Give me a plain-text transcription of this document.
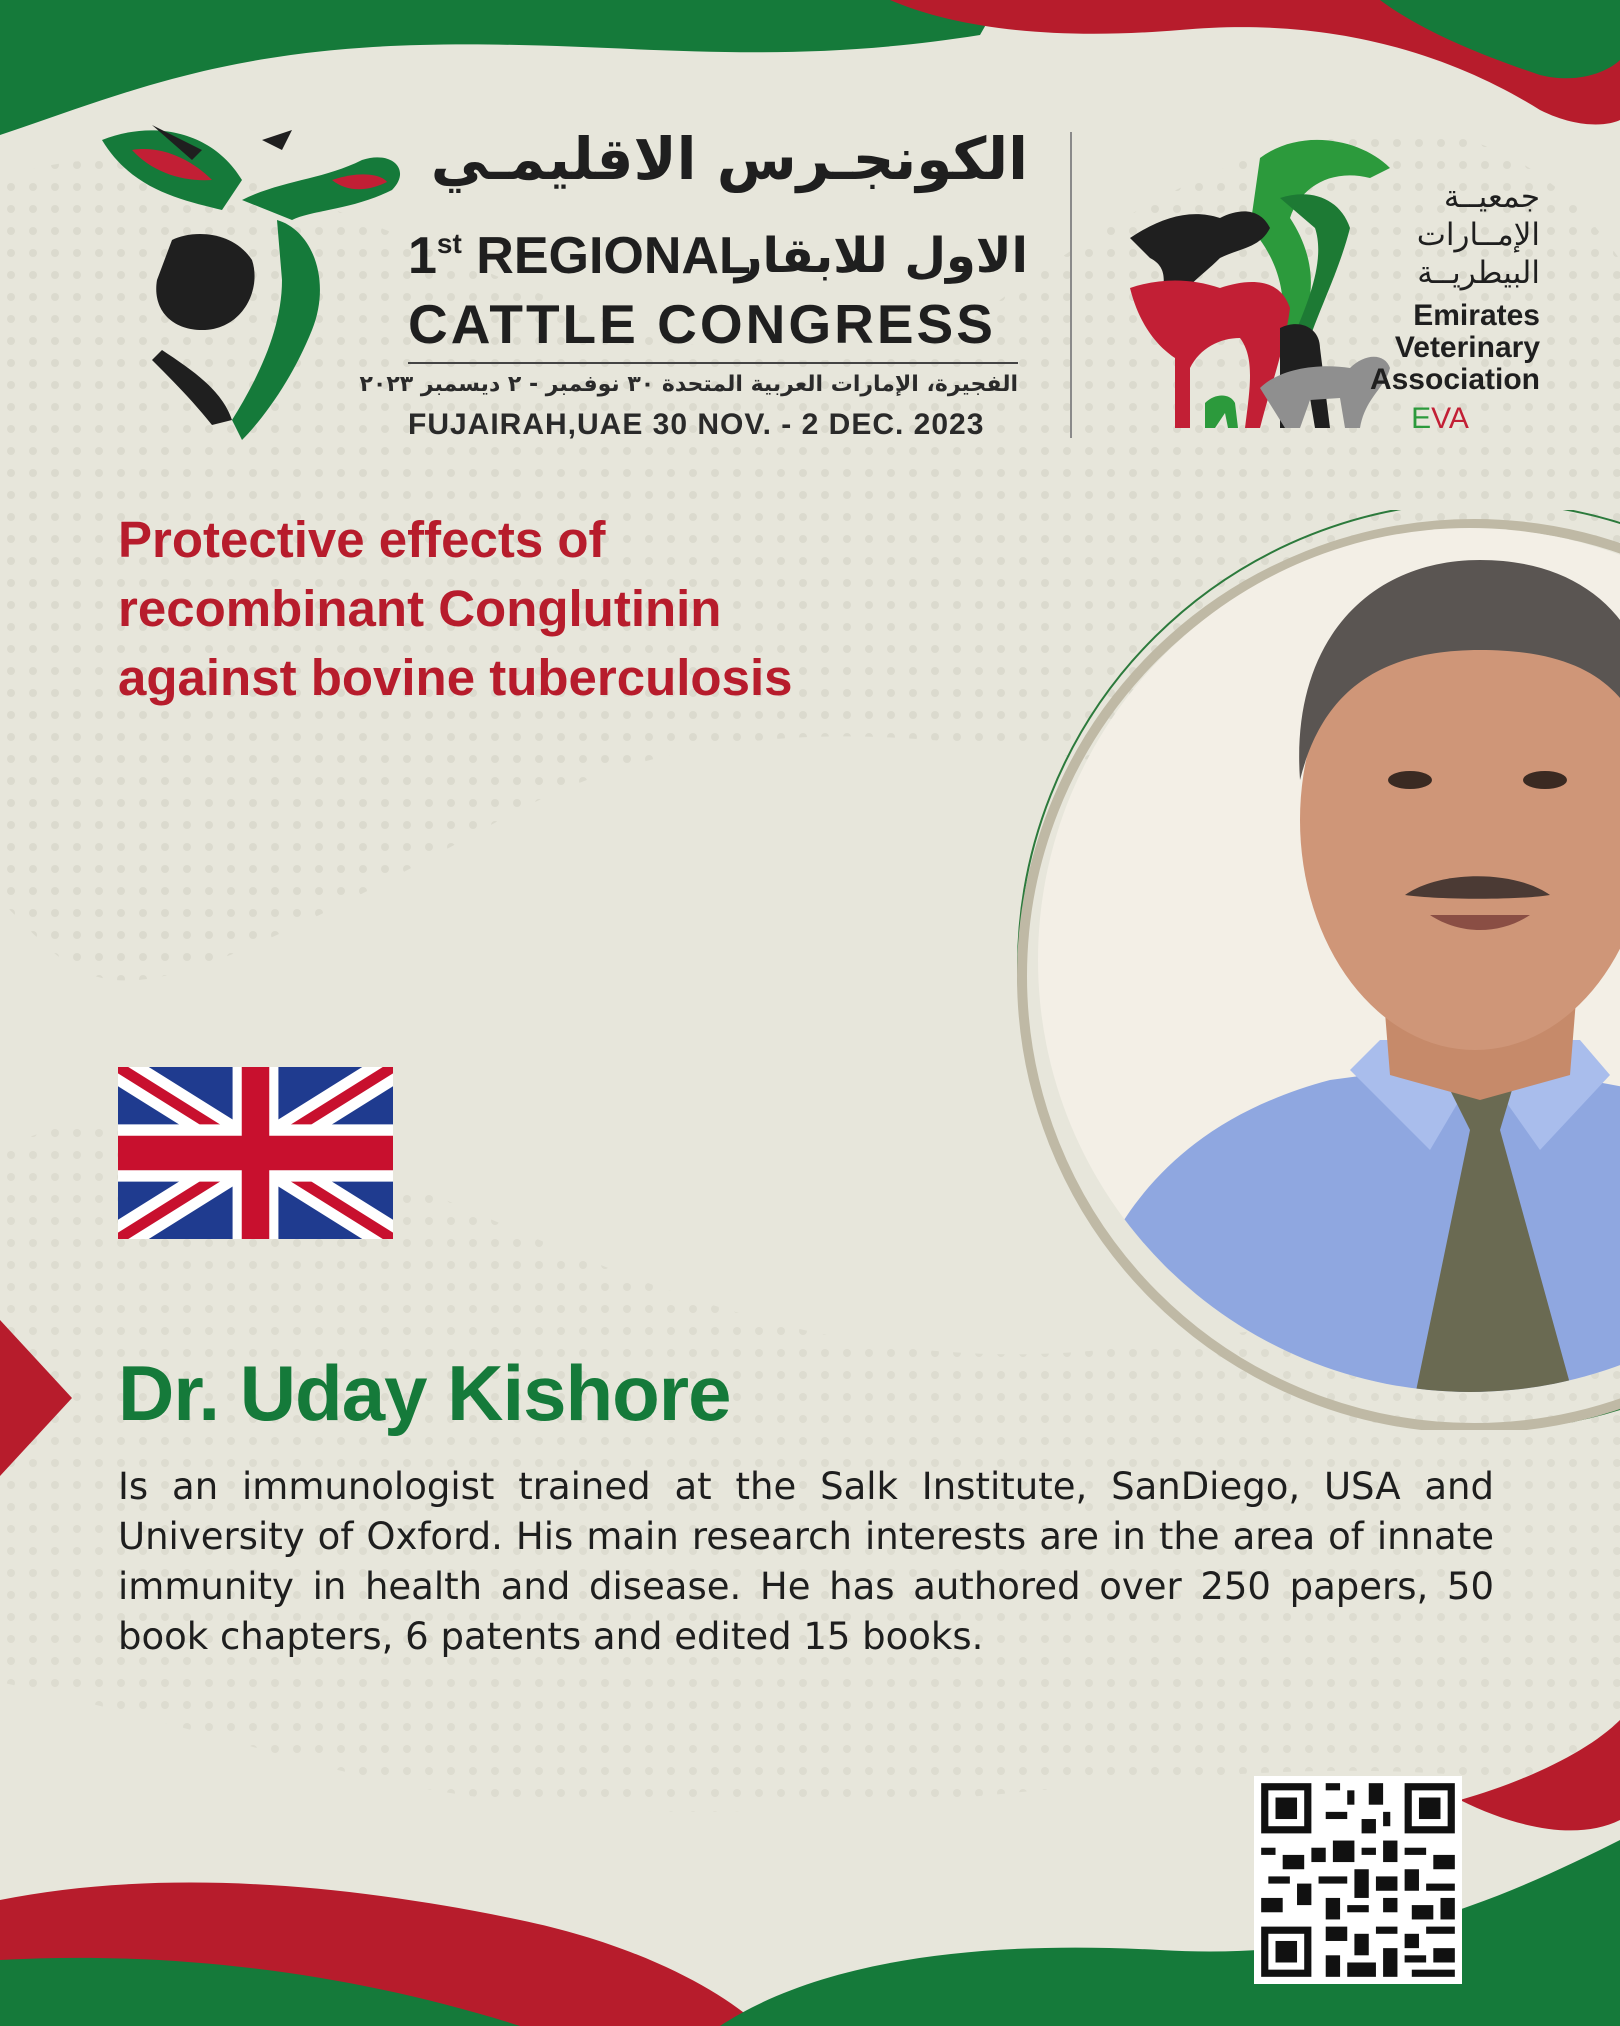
الكونجـرس الاقليمـي
1st REGIONAL
الاول للابقار
CATTLE CONGRESS
الفجيرة، الإمارات العربية المتحدة ٣٠ نوفمبر - ٢ ديسمبر ٢٠٢٣
FUJAIRAH,UAE 30 NOV. - 2 DEC. 2023
جمعيــة
الإمــارات
البيطريــة
Emirates
Veterinary
Association
EVA
Protective effects of
recombinant Conglutinin
against bovine tuberculosis
Dr. Uday Kishore
Is an immunologist trained at the Salk Institute, SanDiego, USA and University of Oxford. His main research interests are in the area of innate immunity in health and disease. He has authored over 250 papers, 50 book chapters, 6 patents and edited 15 books.
